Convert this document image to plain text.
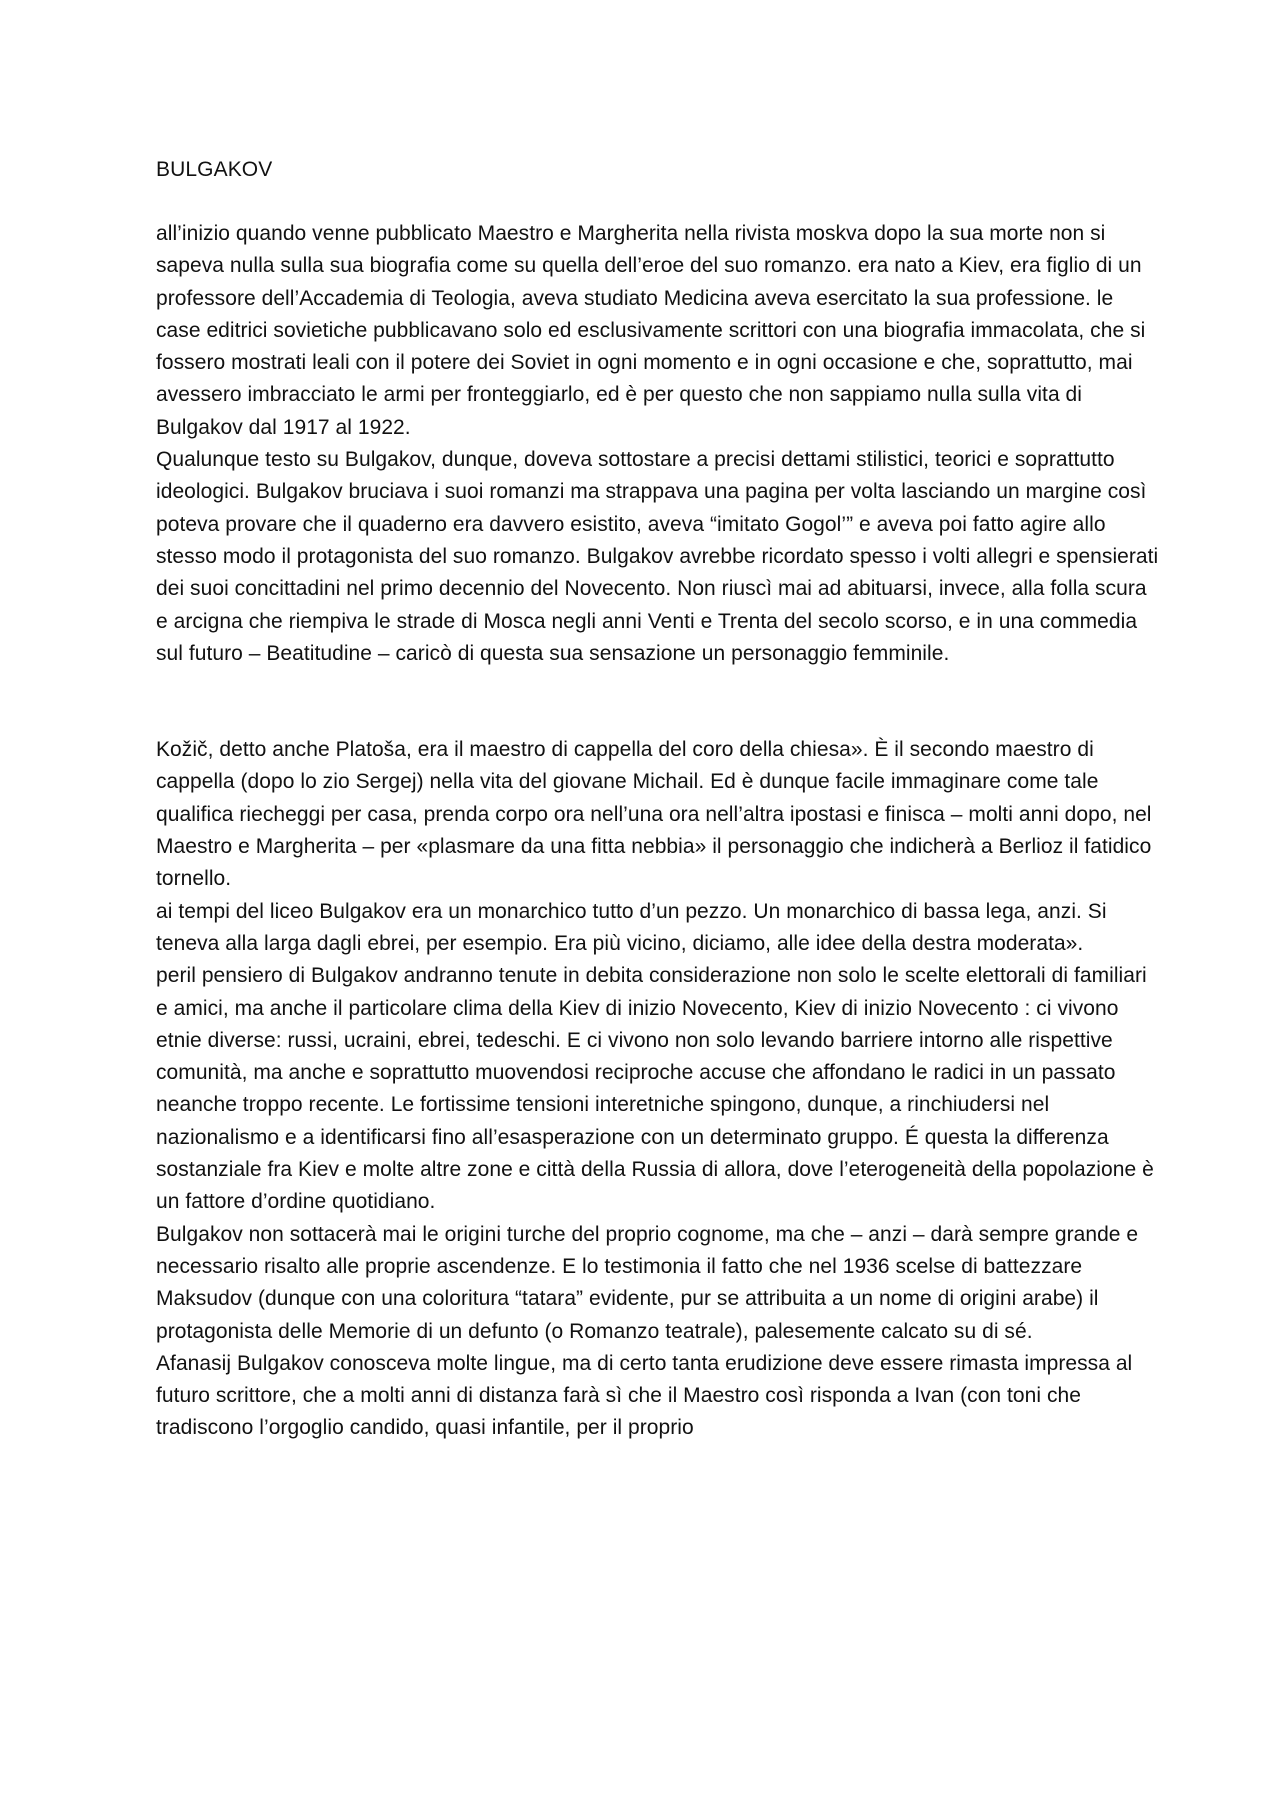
BULGAKOV

all’inizio quando venne pubblicato Maestro e Margherita nella rivista moskva dopo la sua morte non si sapeva nulla sulla sua biografia come su quella dell’eroe del suo romanzo. era nato a Kiev, era figlio di un professore dell’Accademia di Teologia, aveva studiato Medicina aveva esercitato la sua professione. le case editrici sovietiche pubblicavano solo ed esclusivamente scrittori con una biografia immacolata, che si fossero mostrati leali con il potere dei Soviet in ogni momento e in ogni occasione e che, soprattutto, mai avessero imbracciato le armi per fronteggiarlo, ed è per questo che non sappiamo nulla sulla vita di Bulgakov dal 1917 al 1922.

Qualunque testo su Bulgakov, dunque, doveva sottostare a precisi dettami stilistici, teorici e soprattutto ideologici. Bulgakov bruciava i suoi romanzi ma strappava una pagina per volta lasciando un margine così poteva provare che il quaderno era davvero esistito, aveva “imitato Gogol’” e aveva poi fatto agire allo stesso modo il protagonista del suo romanzo. Bulgakov avrebbe ricordato spesso i volti allegri e spensierati dei suoi concittadini nel primo decennio del Novecento. Non riuscì mai ad abituarsi, invece, alla folla scura e arcigna che riempiva le strade di Mosca negli anni Venti e Trenta del secolo scorso, e in una commedia sul futuro – Beatitudine – caricò di questa sua sensazione un personaggio femminile.

Kožič, detto anche Platoša, era il maestro di cappella del coro della chiesa». È il secondo maestro di cappella (dopo lo zio Sergej) nella vita del giovane Michail. Ed è dunque facile immaginare come tale qualifica riecheggi per casa, prenda corpo ora nell’una ora nell’altra ipostasi e finisca – molti anni dopo, nel Maestro e Margherita – per «plasmare da una fitta nebbia» il personaggio che indicherà a Berlioz il fatidico tornello.

ai tempi del liceo Bulgakov era un monarchico tutto d’un pezzo. Un monarchico di bassa lega, anzi. Si teneva alla larga dagli ebrei, per esempio. Era più vicino, diciamo, alle idee della destra moderata».

peril pensiero di Bulgakov andranno tenute in debita considerazione non solo le scelte elettorali di familiari e amici, ma anche il particolare clima della Kiev di inizio Novecento, Kiev di inizio Novecento : ci vivono etnie diverse: russi, ucraini, ebrei, tedeschi. E ci vivono non solo levando barriere intorno alle rispettive comunità, ma anche e soprattutto muovendosi reciproche accuse che affondano le radici in un passato neanche troppo recente. Le fortissime tensioni interetniche spingono, dunque, a rinchiudersi nel nazionalismo e a identificarsi fino all’esasperazione con un determinato gruppo. É questa la differenza sostanziale fra Kiev e molte altre zone e città della Russia di allora, dove l’eterogeneità della popolazione è un fattore d’ordine quotidiano.

Bulgakov non sottacerà mai le origini turche del proprio cognome, ma che – anzi – darà sempre grande e necessario risalto alle proprie ascendenze. E lo testimonia il fatto che nel 1936 scelse di battezzare Maksudov (dunque con una coloritura “tatara” evidente, pur se attribuita a un nome di origini arabe) il protagonista delle Memorie di un defunto (o Romanzo teatrale), palesemente calcato su di sé.

Afanasij Bulgakov conosceva molte lingue, ma di certo tanta erudizione deve essere rimasta impressa al futuro scrittore, che a molti anni di distanza farà sì che il Maestro così risponda a Ivan (con toni che tradiscono l’orgoglio candido, quasi infantile, per il proprio
